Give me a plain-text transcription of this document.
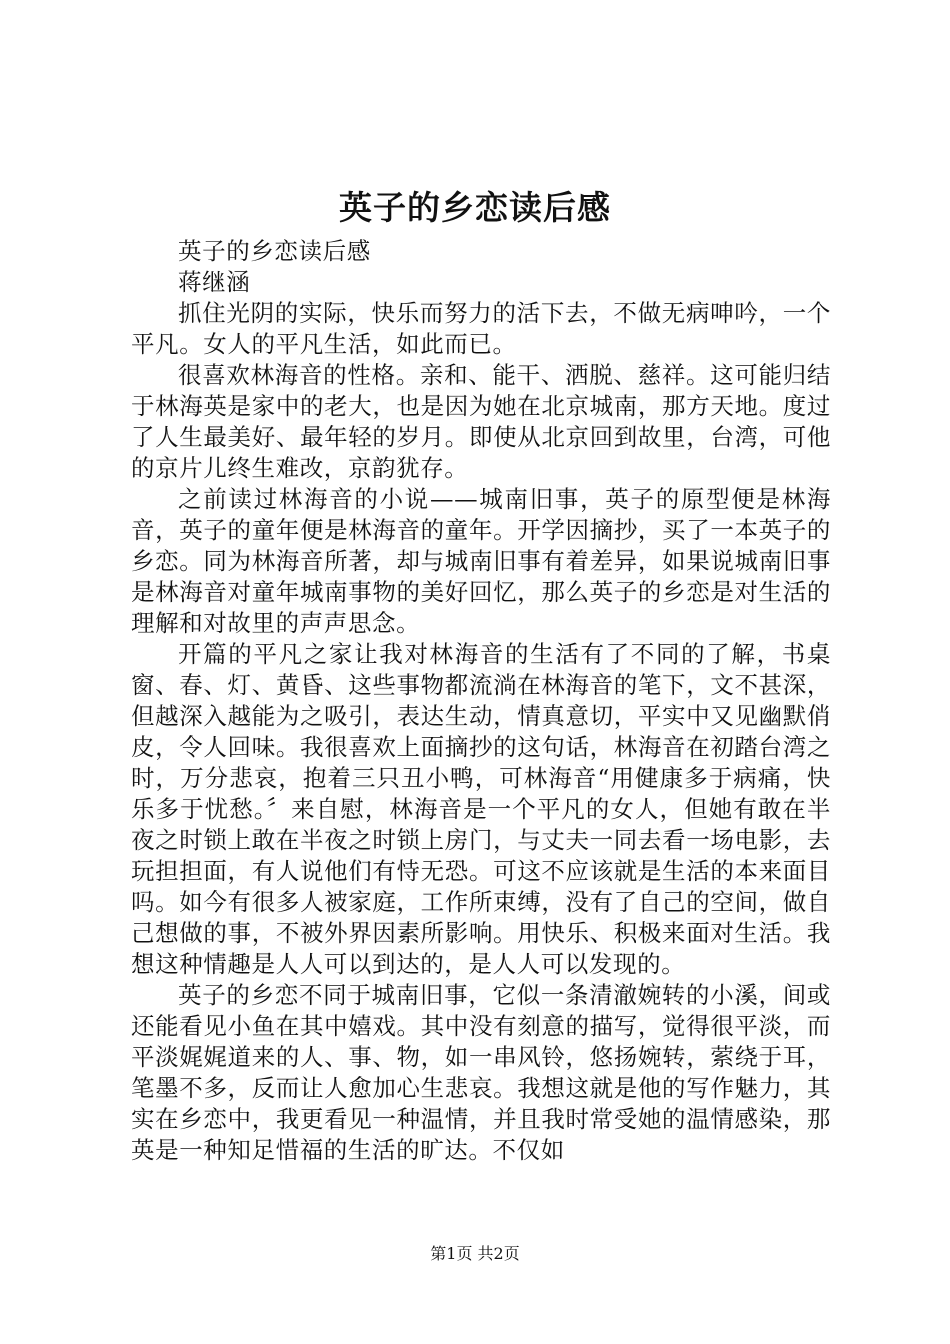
英子的乡恋读后感

英子的乡恋读后感

蒋继涵

抓住光阴的实际，快乐而努力的活下去，不做无病呻吟，一个平凡。女人的平凡生活，如此而已。

很喜欢林海音的性格。亲和、能干、洒脱、慈祥。这可能归结于林海英是家中的老大，也是因为她在北京城南，那方天地。度过了人生最美好、最年轻的岁月。即使从北京回到故里，台湾，可他的京片儿终生难改，京韵犹存。

之前读过林海音的小说——城南旧事，英子的原型便是林海音，英子的童年便是林海音的童年。开学因摘抄，买了一本英子的乡恋。同为林海音所著，却与城南旧事有着差异，如果说城南旧事是林海音对童年城南事物的美好回忆，那么英子的乡恋是对生活的理解和对故里的声声思念。

开篇的平凡之家让我对林海音的生活有了不同的了解，书桌窗、春、灯、黄昏、这些事物都流淌在林海音的笔下，文不甚深，但越深入越能为之吸引，表达生动，情真意切，平实中又见幽默俏皮，令人回味。我很喜欢上面摘抄的这句话，林海音在初踏台湾之时，万分悲哀，抱着三只丑小鸭，可林海音“用健康多于病痛，快乐多于忧愁。〞来自慰，林海音是一个平凡的女人，但她有敢在半夜之时锁上敢在半夜之时锁上房门，与丈夫一同去看一场电影，去玩担担面，有人说他们有恃无恐。可这不应该就是生活的本来面目吗。如今有很多人被家庭，工作所束缚，没有了自己的空间，做自己想做的事，不被外界因素所影响。用快乐、积极来面对生活。我想这种情趣是人人可以到达的，是人人可以发现的。

英子的乡恋不同于城南旧事，它似一条清澈婉转的小溪，间或还能看见小鱼在其中嬉戏。其中没有刻意的描写，觉得很平淡，而平淡娓娓道来的人、事、物，如一串风铃，悠扬婉转，萦绕于耳，笔墨不多，反而让人愈加心生悲哀。我想这就是他的写作魅力，其实在乡恋中，我更看见一种温情，并且我时常受她的温情感染，那英是一种知足惜福的生活的旷达。不仅如

第1页 共2页
